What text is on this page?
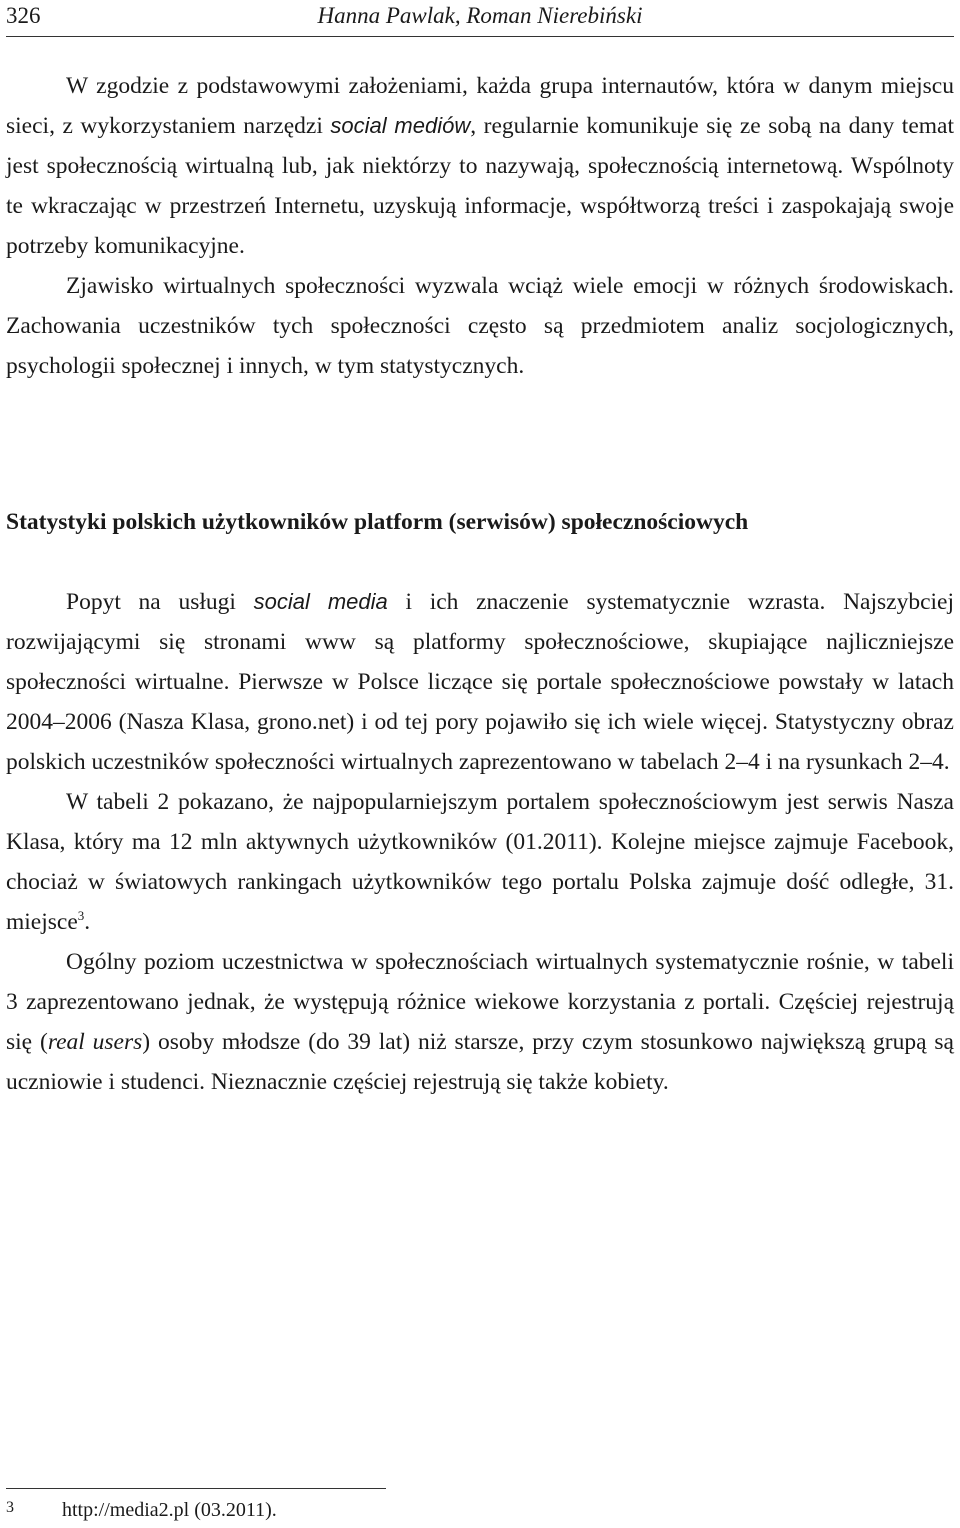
326	Hanna Pawlak, Roman Nierebiński

W zgodzie z podstawowymi założeniami, każda grupa internautów, która w danym miejscu sieci, z wykorzystaniem narzędzi social mediów, regularnie komunikuje się ze sobą na dany temat jest społecznością wirtualną lub, jak niektórzy to nazywają, społecznością internetową. Wspólnoty te wkraczając w przestrzeń Internetu, uzyskują informacje, współtworzą treści i zaspokajają swoje potrzeby komunikacyjne.

Zjawisko wirtualnych społeczności wyzwala wciąż wiele emocji w różnych środowiskach. Zachowania uczestników tych społeczności często są przedmiotem analiz socjologicznych, psychologii społecznej i innych, w tym statystycznych.

Statystyki polskich użytkowników platform (serwisów) społecznościowych

Popyt na usługi social media i ich znaczenie systematycznie wzrasta. Najszybciej rozwijającymi się stronami www są platformy społecznościowe, skupiające najliczniejsze społeczności wirtualne. Pierwsze w Polsce liczące się portale społecznościowe powstały w latach 2004–2006 (Nasza Klasa, grono.net) i od tej pory pojawiło się ich wiele więcej. Statystyczny obraz polskich uczestników społeczności wirtualnych zaprezentowano w tabelach 2–4 i na rysunkach 2–4.

W tabeli 2 pokazano, że najpopularniejszym portalem społecznościowym jest serwis Nasza Klasa, który ma 12 mln aktywnych użytkowników (01.2011). Kolejne miejsce zajmuje Facebook, chociaż w światowych rankingach użytkowników tego portalu Polska zajmuje dość odległe, 31. miejsce$^3$.

Ogólny poziom uczestnictwa w społecznościach wirtualnych systematycznie rośnie, w tabeli 3 zaprezentowano jednak, że występują różnice wiekowe korzystania z portali. Częściej rejestrują się (real users) osoby młodsze (do 39 lat) niż starsze, przy czym stosunkowo największą grupą są uczniowie i studenci. Nieznacznie częściej rejestrują się także kobiety.

3 http://media2.pl (03.2011).
